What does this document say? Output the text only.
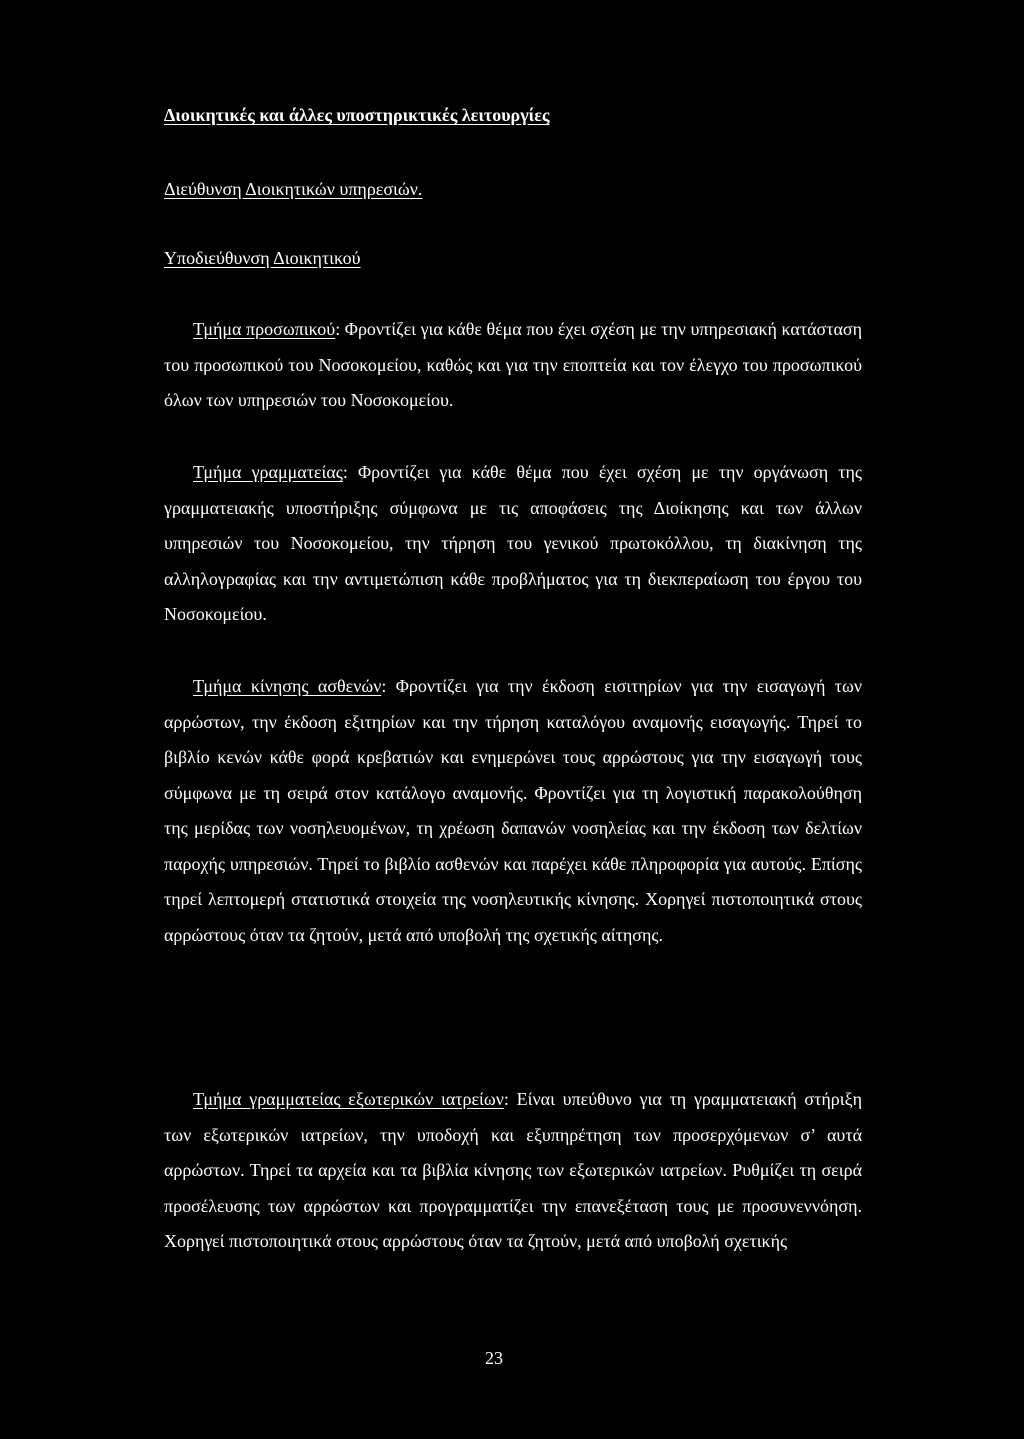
Διοικητικές και άλλες υποστηρικτικές λειτουργίες
Διεύθυνση Διοικητικών υπηρεσιών.
Υποδιεύθυνση Διοικητικού

Τμήμα προσωπικού: Φροντίζει για κάθε θέμα που έχει σχέση με την υπηρεσιακή κατάσταση του προσωπικού του Νοσοκομείου, καθώς και για την εποπτεία και τον έλεγχο του προσωπικού όλων των υπηρεσιών του Νοσοκομείου.

Τμήμα γραμματείας: Φροντίζει για κάθε θέμα που έχει σχέση με την οργάνωση της γραμματειακής υποστήριξης σύμφωνα με τις αποφάσεις της Διοίκησης και των άλλων υπηρεσιών του Νοσοκομείου, την τήρηση του γενικού πρωτοκόλλου, τη διακίνηση της αλληλογραφίας και την αντιμετώπιση κάθε προβλήματος για τη διεκπεραίωση του έργου του Νοσοκομείου.

Τμήμα κίνησης ασθενών: Φροντίζει για την έκδοση εισιτηρίων για την εισαγωγή των αρρώστων, την έκδοση εξιτηρίων και την τήρηση καταλόγου αναμονής εισαγωγής. Τηρεί το βιβλίο κενών κάθε φορά κρεβατιών και ενημερώνει τους αρρώστους για την εισαγωγή τους σύμφωνα με τη σειρά στον κατάλογο αναμονής. Φροντίζει για τη λογιστική παρακολούθηση της μερίδας των νοσηλευομένων, τη χρέωση δαπανών νοσηλείας και την έκδοση των δελτίων παροχής υπηρεσιών. Τηρεί το βιβλίο ασθενών και παρέχει κάθε πληροφορία για αυτούς. Επίσης τηρεί λεπτομερή στατιστικά στοιχεία της νοσηλευτικής κίνησης. Χορηγεί πιστοποιητικά στους αρρώστους όταν τα ζητούν, μετά από υποβολή της σχετικής αίτησης.

Τμήμα γραμματείας εξωτερικών ιατρείων: Είναι υπεύθυνο για τη γραμματειακή στήριξη των εξωτερικών ιατρείων, την υποδοχή και εξυπηρέτηση των προσερχόμενων σ’ αυτά αρρώστων. Τηρεί τα αρχεία και τα βιβλία κίνησης των εξωτερικών ιατρείων. Ρυθμίζει τη σειρά προσέλευσης των αρρώστων και προγραμματίζει την επανεξέταση τους με προσυνεννόηση. Χορηγεί πιστοποιητικά στους αρρώστους όταν τα ζητούν, μετά από υποβολή σχετικής

23
